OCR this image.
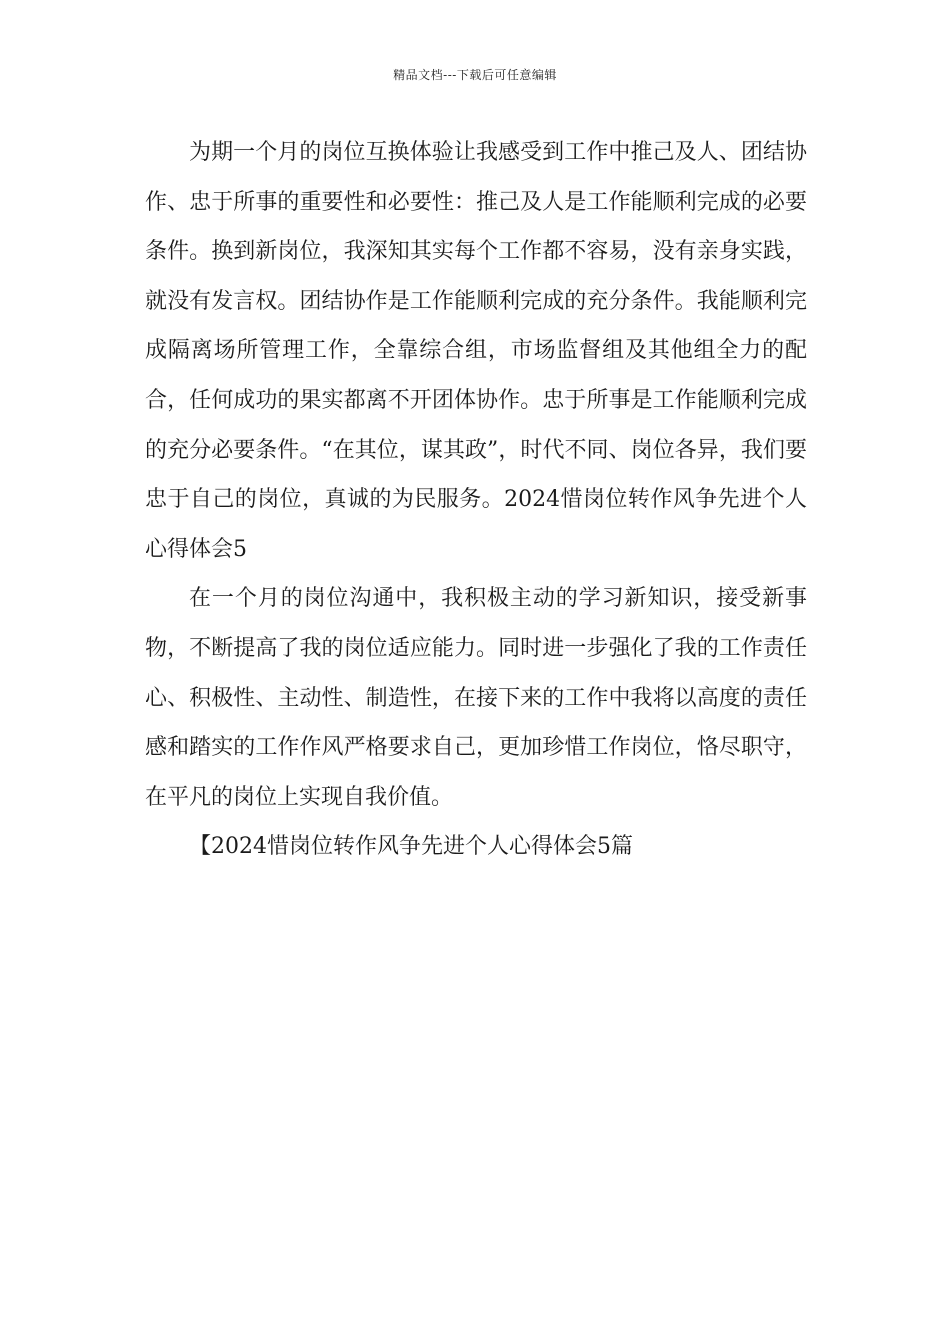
精品文档---下载后可任意编辑

为期一个月的岗位互换体验让我感受到工作中推己及人、团结协作、忠于所事的重要性和必要性：推己及人是工作能顺利完成的必要条件。换到新岗位，我深知其实每个工作都不容易，没有亲身实践，就没有发言权。团结协作是工作能顺利完成的充分条件。我能顺利完成隔离场所管理工作，全靠综合组，市场监督组及其他组全力的配合，任何成功的果实都离不开团体协作。忠于所事是工作能顺利完成的充分必要条件。“在其位，谋其政”，时代不同、岗位各异，我们要忠于自己的岗位，真诚的为民服务。2024惜岗位转作风争先进个人心得体会5

在一个月的岗位沟通中，我积极主动的学习新知识，接受新事物，不断提高了我的岗位适应能力。同时进一步强化了我的工作责任心、积极性、主动性、制造性，在接下来的工作中我将以高度的责任感和踏实的工作作风严格要求自己，更加珍惜工作岗位，恪尽职守，在平凡的岗位上实现自我价值。

【2024惜岗位转作风争先进个人心得体会5篇
